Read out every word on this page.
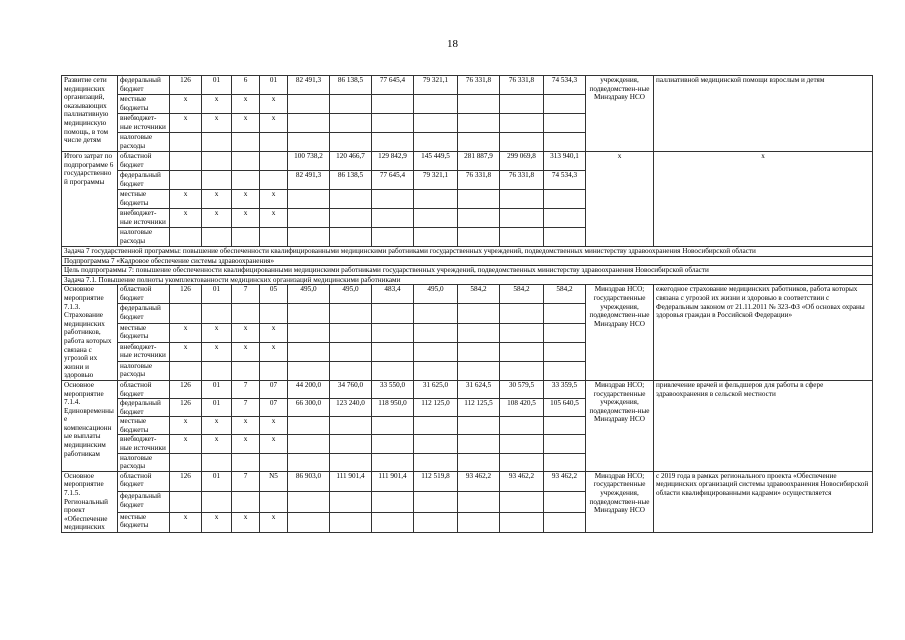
18
Развитие сети медицинских организаций, оказывающих паллиативную медицинскую помощь, в том числе детям	федеральный бюджет	126	01	6	01	82 491,3	86 138,5	77 645,4	79 321,1	76 331,8	76 331,8	74 534,3	учреждения, подведомствен-ные Минздраву НСО	паллиативной медицинской помощи взрослым и детям
	местные бюджеты	x	x	x	x									
	внебюджет-ные источники	x	x	x	x									
	налоговые расходы													
Итого затрат по подпрограмме 6 государственной программы	областной бюджет					100 738,2	120 466,7	129 842,9	145 449,5	281 887,9	299 069,8	313 940,1	x	x
	федеральный бюджет					82 491,3	86 138,5	77 645,4	79 321,1	76 331,8	76 331,8	74 534,3		
	местные бюджеты	x	x	x	x									
	внебюджет-ные источники	x	x	x	x									
	налоговые расходы													
Задача 7 государственной программы: повышение обеспеченности квалифицированными медицинскими работниками государственных учреждений, подведомственных министерству здравоохранения Новосибирской области														
Подпрограмма 7 «Кадровое обеспечение системы здравоохранения»														
Цель подпрограммы 7: повышение обеспеченности квалифицированными медицинскими работниками государственных учреждений, подведомственных министерству здравоохранения Новосибирской области														
Задача 7.1. Повышение полноты укомплектованности медицинских организаций медицинскими работниками														
Основное мероприятие 7.1.3. Страхование медицинских работников, работа которых связана с угрозой их жизни и здоровью	областной бюджет	126	01	7	05	495,0	495,0	483,4	495,0	584,2	584,2	584,2	Минздрав НСО; государственные учреждения, подведомствен-ные Минздраву НСО	ежегодное страхование медицинских работников, работа которых связана с угрозой их жизни и здоровью в соответствии с Федеральным законом от 21.11.2011 № 323-ФЗ «Об основах охраны здоровья граждан в Российской Федерации»
	федеральный бюджет													
	местные бюджеты	x	x	x	x									
	внебюджет-ные источники	x	x	x	x									
	налоговые расходы													
Основное мероприятие 7.1.4. Единовременные компенсационные выплаты медицинским работникам	областной бюджет	126	01	7	07	44 200,0	34 760,0	33 550,0	31 625,0	31 624,5	30 579,5	33 359,5	Минздрав НСО; государственные учреждения, подведомствен-ные Минздраву НСО	привлечение врачей и фельдшеров для работы в сфере здравоохранения в сельской местности
	федеральный бюджет	126	01	7	07	66 300,0	123 240,0	118 950,0	112 125,0	112 125,5	108 420,5	105 640,5		
	местные бюджеты	x	x	x	x									
	внебюджет-ные источники	x	x	x	x									
	налоговые расходы													
Основное мероприятие 7.1.5. Региональный проект «Обеспечение медицинских	областной бюджет	126	01	7	N5	86 903,0	111 901,4	111 901,4	112 519,8	93 462,2	93 462,2	93 462,2	Минздрав НСО; государственные учреждения, подведомствен-ные Минздраву НСО	с 2019 года в рамках регионального проекта «Обеспечение медицинских организаций системы здравоохранения Новосибирской области квалифицированными кадрами» осуществляется
	федеральный бюджет													
	местные бюджеты	x	x	x	x									
